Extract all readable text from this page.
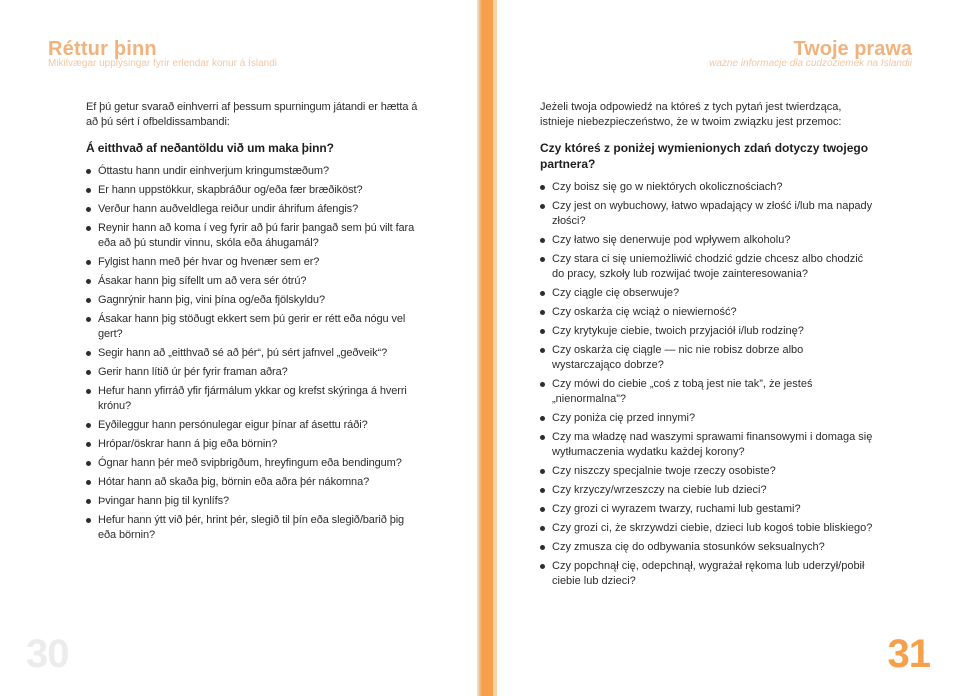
Réttur þinn
Mikilvægar upplýsingar fyrir erlendar konur á Íslandi
Twoje prawa
ważne informacje dla cudzoziemek na Islandii

Ef þú getur svarað einhverri af þessum spurningum játandi er hætta á að þú sért í ofbeldissambandi:

Á eitthvað af neðantöldu við um maka þinn?

Óttastu hann undir einhverjum kringumstæðum?
Er hann uppstökkur, skapbráður og/eða fær bræðiköst?
Verður hann auðveldlega reiður undir áhrifum áfengis?
Reynir hann að koma í veg fyrir að þú farir þangað sem þú vilt fara eða að þú stundir vinnu, skóla eða áhugamál?
Fylgist hann með þér hvar og hvenær sem er?
Ásakar hann þig sífellt um að vera sér ótrú?
Gagnrýnir hann þig, vini þína og/eða fjölskyldu?
Ásakar hann þig stöðugt ekkert sem þú gerir er rétt eða nógu vel gert?
Segir hann að „eitthvað sé að þér“, þú sért jafnvel „geðveik“?
Gerir hann lítið úr þér fyrir framan aðra?
Hefur hann yfirráð yfir fjármálum ykkar og krefst skýringa á hverri krónu?
Eyðileggur hann persónulegar eigur þínar af ásettu ráði?
Hrópar/öskrar hann á þig eða börnin?
Ógnar hann þér með svipbrigðum, hreyfingum eða bendingum?
Hótar hann að skaða þig, börnin eða aðra þér nákomna?
Þvingar hann þig til kynlífs?
Hefur hann ýtt við þér, hrint þér, slegið til þín eða slegið/barið þig eða börnin?

Jeżeli twoja odpowiedź na któreś z tych pytań jest twierdząca, istnieje niebezpieczeństwo, że w twoim związku jest przemoc:

Czy któreś z poniżej wymienionych zdań dotyczy twojego partnera?

Czy boisz się go w niektórych okolicznościach?
Czy jest on wybuchowy, łatwo wpadający w złość i/lub ma napady złości?
Czy łatwo się denerwuje pod wpływem alkoholu?
Czy stara ci się uniemożliwić chodzić gdzie chcesz albo chodzić do pracy, szkoły lub rozwijać twoje zainteresowania?
Czy ciągle cię obserwuje?
Czy oskarża cię wciąż o niewierność?
Czy krytykuje ciebie, twoich przyjaciół i/lub rodzinę?
Czy oskarża cię ciągle — nic nie robisz dobrze albo wystarczająco dobrze?
Czy mówi do ciebie „coś z tobą jest nie tak”, że jesteś „nienormalna”?
Czy poniża cię przed innymi?
Czy ma władzę nad waszymi sprawami finansowymi i domaga się wytłumaczenia wydatku każdej korony?
Czy niszczy specjalnie twoje rzeczy osobiste?
Czy krzyczy/wrzeszczy na ciebie lub dzieci?
Czy grozi ci wyrazem twarzy, ruchami lub gestami?
Czy grozi ci, że skrzywdzi ciebie, dzieci lub kogoś tobie bliskiego?
Czy zmusza cię do odbywania stosunków seksualnych?
Czy popchnął cię, odepchnął, wygrażał rękoma lub uderzył/pobił ciebie lub dzieci?
30	31
